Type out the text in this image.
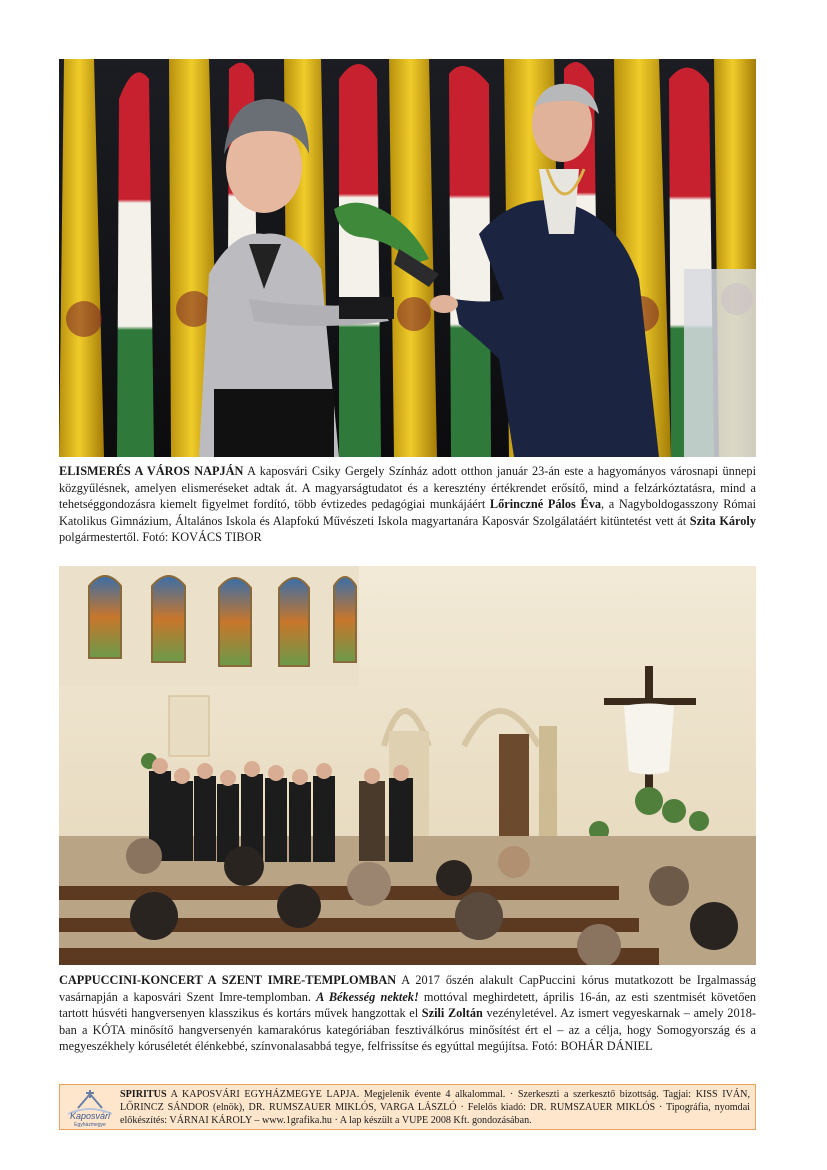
ELISMERÉS A VÁROS NAPJÁN A kaposvári Csiky Gergely Színház adott otthon január 23-án este a hagyományos városnapi ünnepi közgyűlésnek, amelyen elismeréseket adtak át. A magyarságtudatot és a keresztény értékrendet erősítő, mind a felzárkóztatásra, mind a tehetséggondozásra kiemelt figyelmet fordító, több évtizedes pedagógiai munkájáért Lőrinczné Pálos Éva, a Nagyboldogasszony Római Katolikus Gimnázium, Általános Iskola és Alapfokú Művészeti Iskola magyartanára Kaposvár Szolgálatáért kitüntetést vett át Szita Károly polgármestertől. Fotó: KOVÁCS TIBOR
CAPPUCCINI-KONCERT A SZENT IMRE-TEMPLOMBAN A 2017 őszén alakult CapPuccini kórus mutatkozott be Irgalmasság vasárnapján a kaposvári Szent Imre-templomban. A Békesség nektek! mottóval meghirdetett, április 16-án, az esti szentmisét követően tartott húsvéti hangversenyen klasszikus és kortárs művek hangzottak el Szili Zoltán vezényletével. Az ismert vegyeskarnak – amely 2018-ban a KÓTA minősítő hangversenyén kamarakórus kategóriában fesztiválkórus minősítést ért el – az a célja, hogy Somogyország és a megyeszékhely kóruséletét élénkebbé, színvonalasabbá tegye, felfrissítse és egyúttal megújítsa. Fotó: BOHÁR DÁNIEL
Kaposvári
Egyházmegye
SPIRITUS A KAPOSVÁRI EGYHÁZMEGYE LAPJA. Megjelenik évente 4 alkalommal. · Szerkeszti a szerkesztő bizottság. Tagjai: KISS IVÁN, LŐRINCZ SÁNDOR (elnök), DR. RUMSZAUER MIKLÓS, VARGA LÁSZLÓ · Felelős kiadó: DR. RUMSZAUER MIKLÓS · Tipográfia, nyomdai előkészítés: VÁRNAI KÁROLY – www.1grafika.hu · A lap készült a VUPE 2008 Kft. gondozásában.
